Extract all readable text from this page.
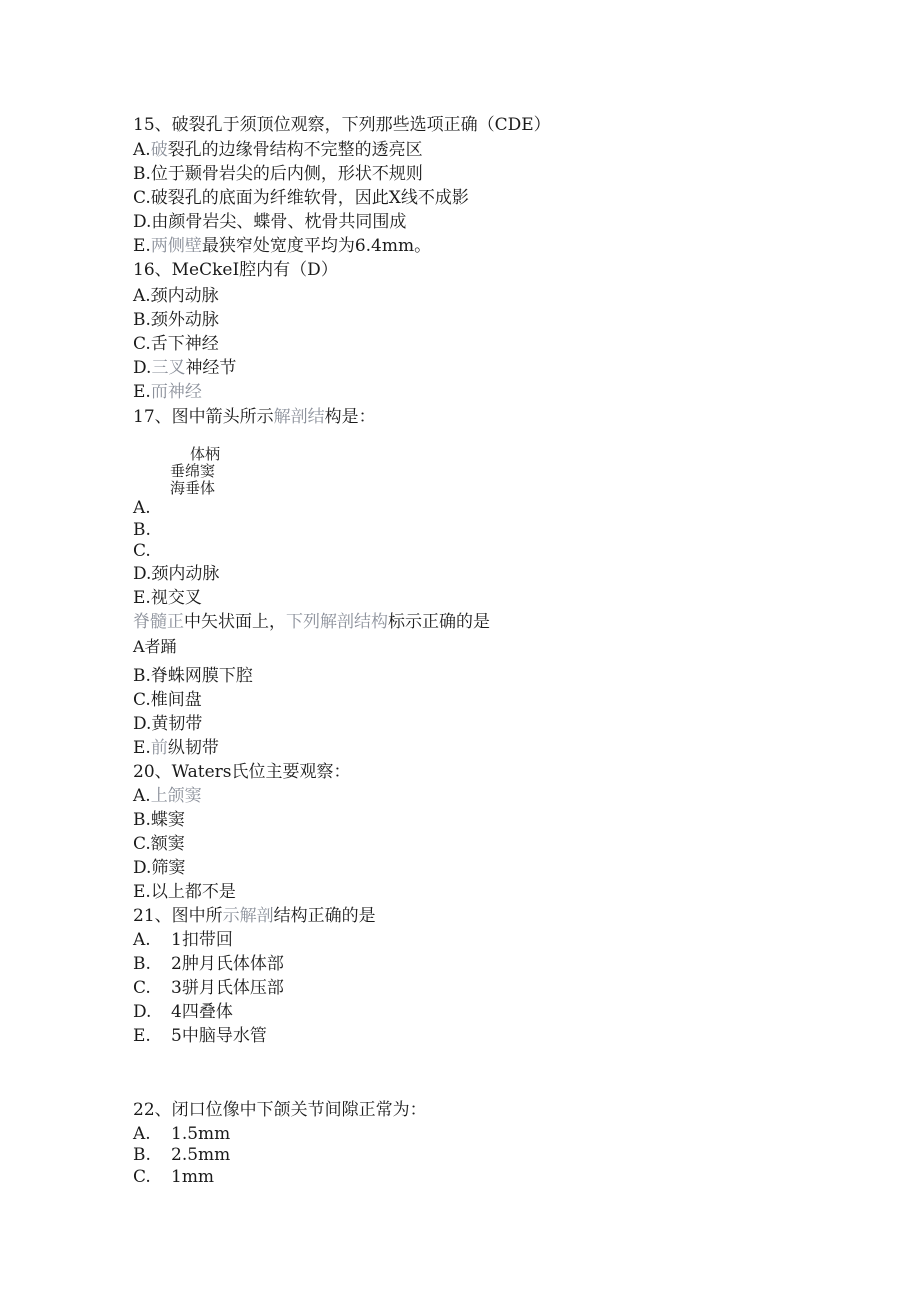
15、破裂孔于须顶位观察，下列那些选项正确（CDE）
A.破裂孔的边缘骨结构不完整的透亮区
B.位于颞骨岩尖的后内侧，形状不规则
C.破裂孔的底面为纤维软骨，因此X线不成影
D.由颜骨岩尖、蝶骨、枕骨共同围成
E.两侧壁最狭窄处宽度平均为6.4mm。
16、MeCkeI腔内有（D）
A.颈内动脉
B.颈外动脉
C.舌下神经
D.三叉神经节
E.而神经
17、图中箭头所示解剖结构是：
体柄
垂绵窦
海垂体
A.
B.
C.
D.颈内动脉
E.视交叉
脊髓正中矢状面上，下列解剖结构标示正确的是
A者踊
B.脊蛛网膜下腔
C.椎间盘
D.黄韧带
E.前纵韧带
20、Waters氏位主要观察：
A.上颌窦
B.蝶窦
C.额窦
D.筛窦
E.以上都不是
21、图中所示解剖结构正确的是
A. 1扣带回
B. 2肿月氏体体部
C. 3骈月氏体压部
D. 4四叠体
E. 5中脑导水管
22、闭口位像中下颌关节间隙正常为：
A. 1.5mm
B. 2.5mm
C. 1mm
